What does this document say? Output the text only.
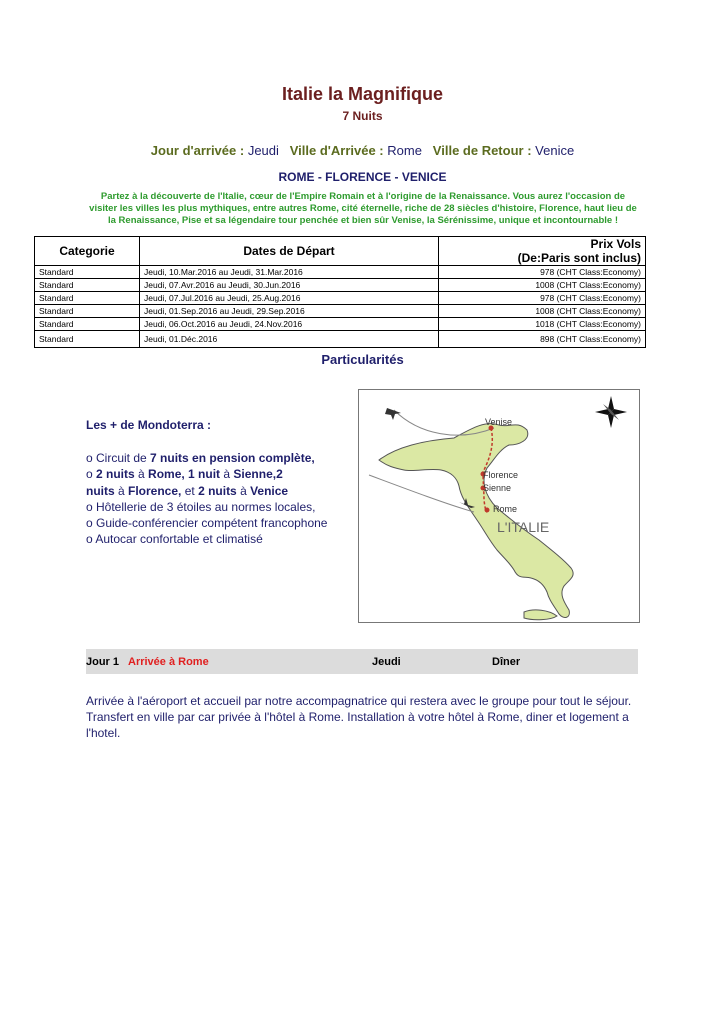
Italie la Magnifique
7 Nuits
Jour d'arrivée : Jeudi Ville d'Arrivée : Rome Ville de Retour : Venice
ROME - FLORENCE - VENICE
Partez à la découverte de l'Italie, cœur de l'Empire Romain et à l'origine de la Renaissance. Vous aurez l'occasion de visiter les villes les plus mythiques, entre autres Rome, cité éternelle, riche de 28 siècles d'histoire, Florence, haut lieu de la Renaissance, Pise et sa légendaire tour penchée et bien sûr Venise, la Sérénissime, unique et incontournable !
Categorie	Dates de Départ	Prix Vols
(De:Paris sont inclus)

Standard	Jeudi, 10.Mar.2016 au Jeudi, 31.Mar.2016	978 (CHT Class:Economy)
Standard	Jeudi, 07.Avr.2016 au Jeudi, 30.Jun.2016	1008 (CHT Class:Economy)
Standard	Jeudi, 07.Jul.2016 au Jeudi, 25.Aug.2016	978 (CHT Class:Economy)
Standard	Jeudi, 01.Sep.2016 au Jeudi, 29.Sep.2016	1008 (CHT Class:Economy)
Standard	Jeudi, 06.Oct.2016 au Jeudi, 24.Nov.2016	1018 (CHT Class:Economy)
Standard	Jeudi, 01.Déc.2016	898 (CHT Class:Economy)
Particularités
Les + de Mondoterra :
o Circuit de 7 nuits en pension complète,
o 2 nuits à Rome, 1 nuit à Sienne,2
nuits à Florence, et 2 nuits à Venice
o Hôtellerie de 3 étoiles au normes locales,
o Guide-conférencier compétent francophone
o Autocar confortable et climatisé
Venise
Florence
Sienne
Rome
L'ITALIE
Jour 1 Arrivée à Rome	Jeudi	Dîner
Arrivée à l'aéroport et accueil par notre accompagnatrice qui restera avec le groupe pour tout le séjour. Transfert en ville par car privée à l'hôtel à Rome. Installation à votre hôtel à Rome, diner et logement a l'hotel.
